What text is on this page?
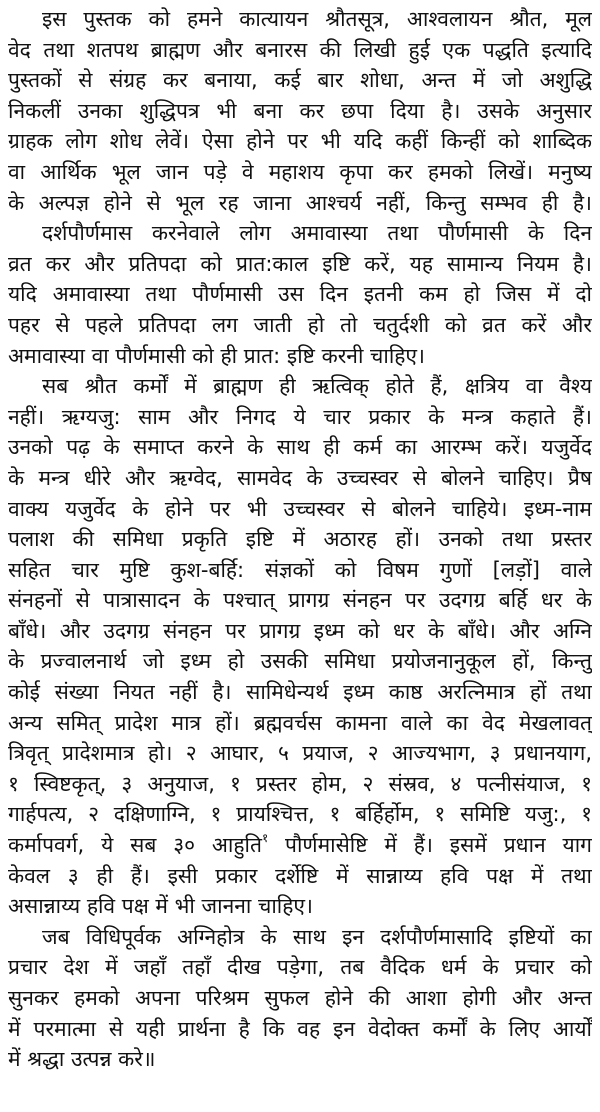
इस पुस्तक को हमने कात्यायन श्रौतसूत्र, आश्वलायन श्रौत, मूल
वेद तथा शतपथ ब्राह्मण और बनारस की लिखी हुई एक पद्धति इत्यादि
पुस्तकों से संग्रह कर बनाया, कई बार शोधा, अन्त में जो अशुद्धि
निकलीं उनका शुद्धिपत्र भी बना कर छपा दिया है। उसके अनुसार
ग्राहक लोग शोध लेवें। ऐसा होने पर भी यदि कहीं किन्हीं को शाब्दिक
वा आर्थिक भूल जान पड़े वे महाशय कृपा कर हमको लिखें। मनुष्य
के अल्पज्ञ होने से भूल रह जाना आश्चर्य नहीं, किन्तु सम्भव ही है।
दर्शपौर्णमास करनेवाले लोग अमावास्या तथा पौर्णमासी के दिन
व्रत कर और प्रतिपदा को प्रात:काल इष्टि करें, यह सामान्य नियम है।
यदि अमावास्या तथा पौर्णमासी उस दिन इतनी कम हो जिस में दो
पहर से पहले प्रतिपदा लग जाती हो तो चतुर्दशी को व्रत करें और
अमावास्या वा पौर्णमासी को ही प्रात: इष्टि करनी चाहिए।
सब श्रौत कर्मों में ब्राह्मण ही ऋत्विक् होते हैं, क्षत्रिय वा वैश्य
नहीं। ऋग्यजु: साम और निगद ये चार प्रकार के मन्त्र कहाते हैं।
उनको पढ़ के समाप्त करने के साथ ही कर्म का आरम्भ करें। यजुर्वेद
के मन्त्र धीरे और ऋग्वेद, सामवेद के उच्चस्वर से बोलने चाहिए। प्रैष
वाक्य यजुर्वेद के होने पर भी उच्चस्वर से बोलने चाहिये। इध्म-नाम
पलाश की समिधा प्रकृति इष्टि में अठारह हों। उनको तथा प्रस्तर
सहित चार मुष्टि कुश-बर्हि: संज्ञकों को विषम गुणों [लड़ों] वाले
संनहनों से पात्रासादन के पश्चात् प्रागग्र संनहन पर उदगग्र बर्हि धर के
बाँधे। और उदगग्र संनहन पर प्रागग्र इध्म को धर के बाँधे। और अग्नि
के प्रज्वालनार्थ जो इध्म हो उसकी समिधा प्रयोजनानुकूल हों, किन्तु
कोई संख्या नियत नहीं है। सामिधेन्यर्थ इध्म काष्ठ अरत्निमात्र हों तथा
अन्य समित् प्रादेश मात्र हों। ब्रह्मवर्चस कामना वाले का वेद मेखलावत्
त्रिवृत् प्रादेशमात्र हो। २ आघार, ५ प्रयाज, २ आज्यभाग, ३ प्रधानयाग,
१ स्विष्टकृत्, ३ अनुयाज, १ प्रस्तर होम, २ संस्रव, ४ पत्नीसंयाज, १
गार्हपत्य, २ दक्षिणाग्नि, १ प्रायश्चित्त, १ बर्हिर्होम, १ समिष्टि यजु:, १
कर्मापवर्ग, ये सब ३० आहुति$^१$ पौर्णमासेष्टि में हैं। इसमें प्रधान याग
केवल ३ ही हैं। इसी प्रकार दर्शेष्टि में सान्नाय्य हवि पक्ष में तथा
असान्नाय्य हवि पक्ष में भी जानना चाहिए।
जब विधिपूर्वक अग्निहोत्र के साथ इन दर्शपौर्णमासादि इष्टियों का
प्रचार देश में जहाँ तहाँ दीख पड़ेगा, तब वैदिक धर्म के प्रचार को
सुनकर हमको अपना परिश्रम सुफल होने की आशा होगी और अन्त
में परमात्मा से यही प्रार्थना है कि वह इन वेदोक्त कर्मों के लिए आर्यों
में श्रद्धा उत्पन्न करे॥
